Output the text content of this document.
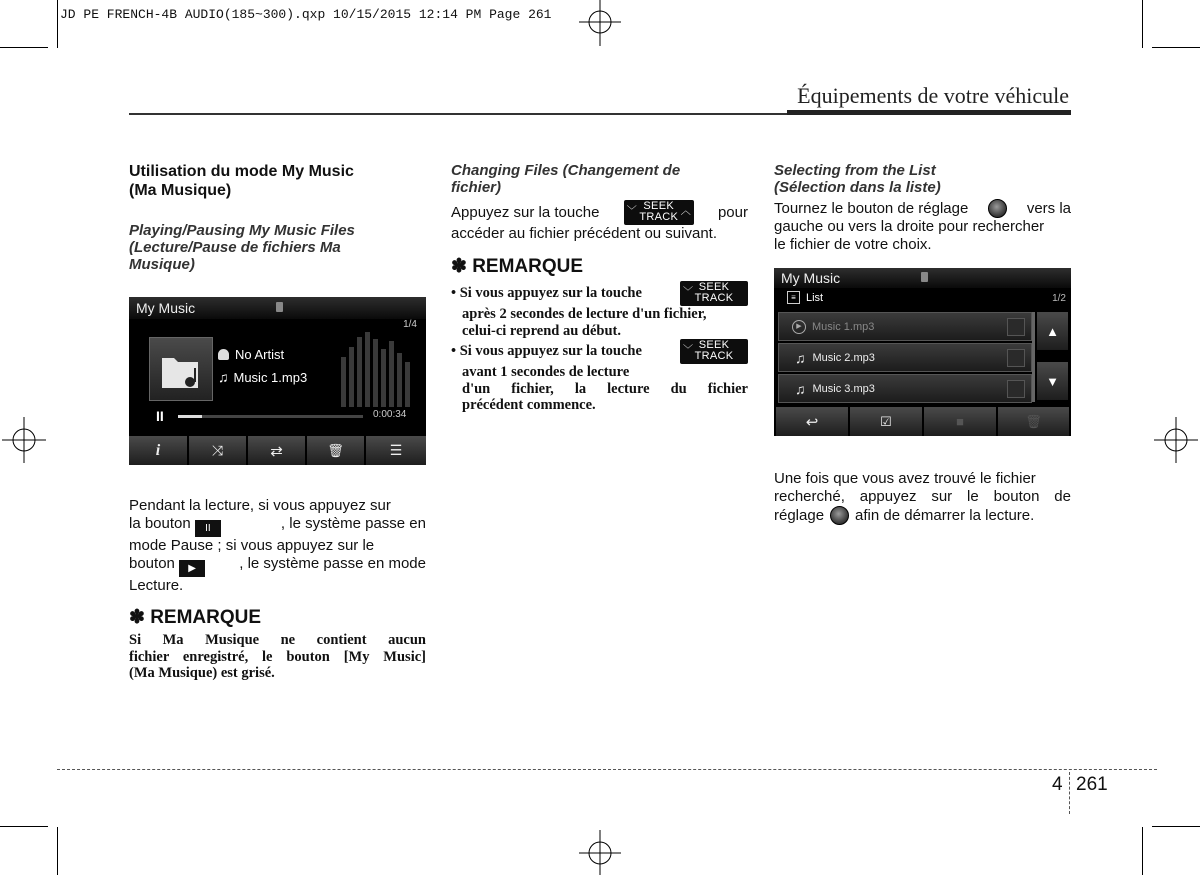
JD PE FRENCH-4B AUDIO(185~300).qxp 10/15/2015 12:14 PM Page 261
Équipements de votre véhicule
Utilisation du mode My Music
(Ma Musique)
Playing/Pausing My Music Files
(Lecture/Pause de fichiers Ma
Musique)
My Music
1/4
No Artist
♫ Music 1.mp3
II	0:00:34
i	⤨	⇄	🗑	☰
Pendant la lecture, si vous appuyez sur
la bouton II	, le système passe en
mode Pause ; si vous appuyez sur le
bouton ▶	, le système passe en mode
Lecture.
✽ REMARQUE
Si Ma Musique ne contient aucun
fichier enregistré, le bouton [My Music]
(Ma Musique) est grisé.
Changing Files (Changement de
fichier)
Appuyez sur la touche	﹀ SEEK
TRACK ︿ pour
accéder au fichier précédent ou suivant.
✽ REMARQUE
• Si vous appuyez sur la touche	﹀ SEEK
TRACK
après 2 secondes de lecture d'un fichier,
celui-ci reprend au début.
• Si vous appuyez sur la touche	﹀ SEEK
TRACK
avant 1 secondes de lecture
d'un fichier, la lecture du fichier
précédent commence.
Selecting from the List
(Sélection dans la liste)
Tournez le bouton de réglage	vers la
gauche ou vers la droite pour rechercher
le fichier de votre choix.
My Music
≡ List	1/2
▶ Music 1.mp3
♫ Music 2.mp3
♫ Music 3.mp3
▲
▼
↩	☑	■	🗑
Une fois que vous avez trouvé le fichier
recherché, appuyez sur le bouton de
réglage afin de démarrer la lecture.
4 261
